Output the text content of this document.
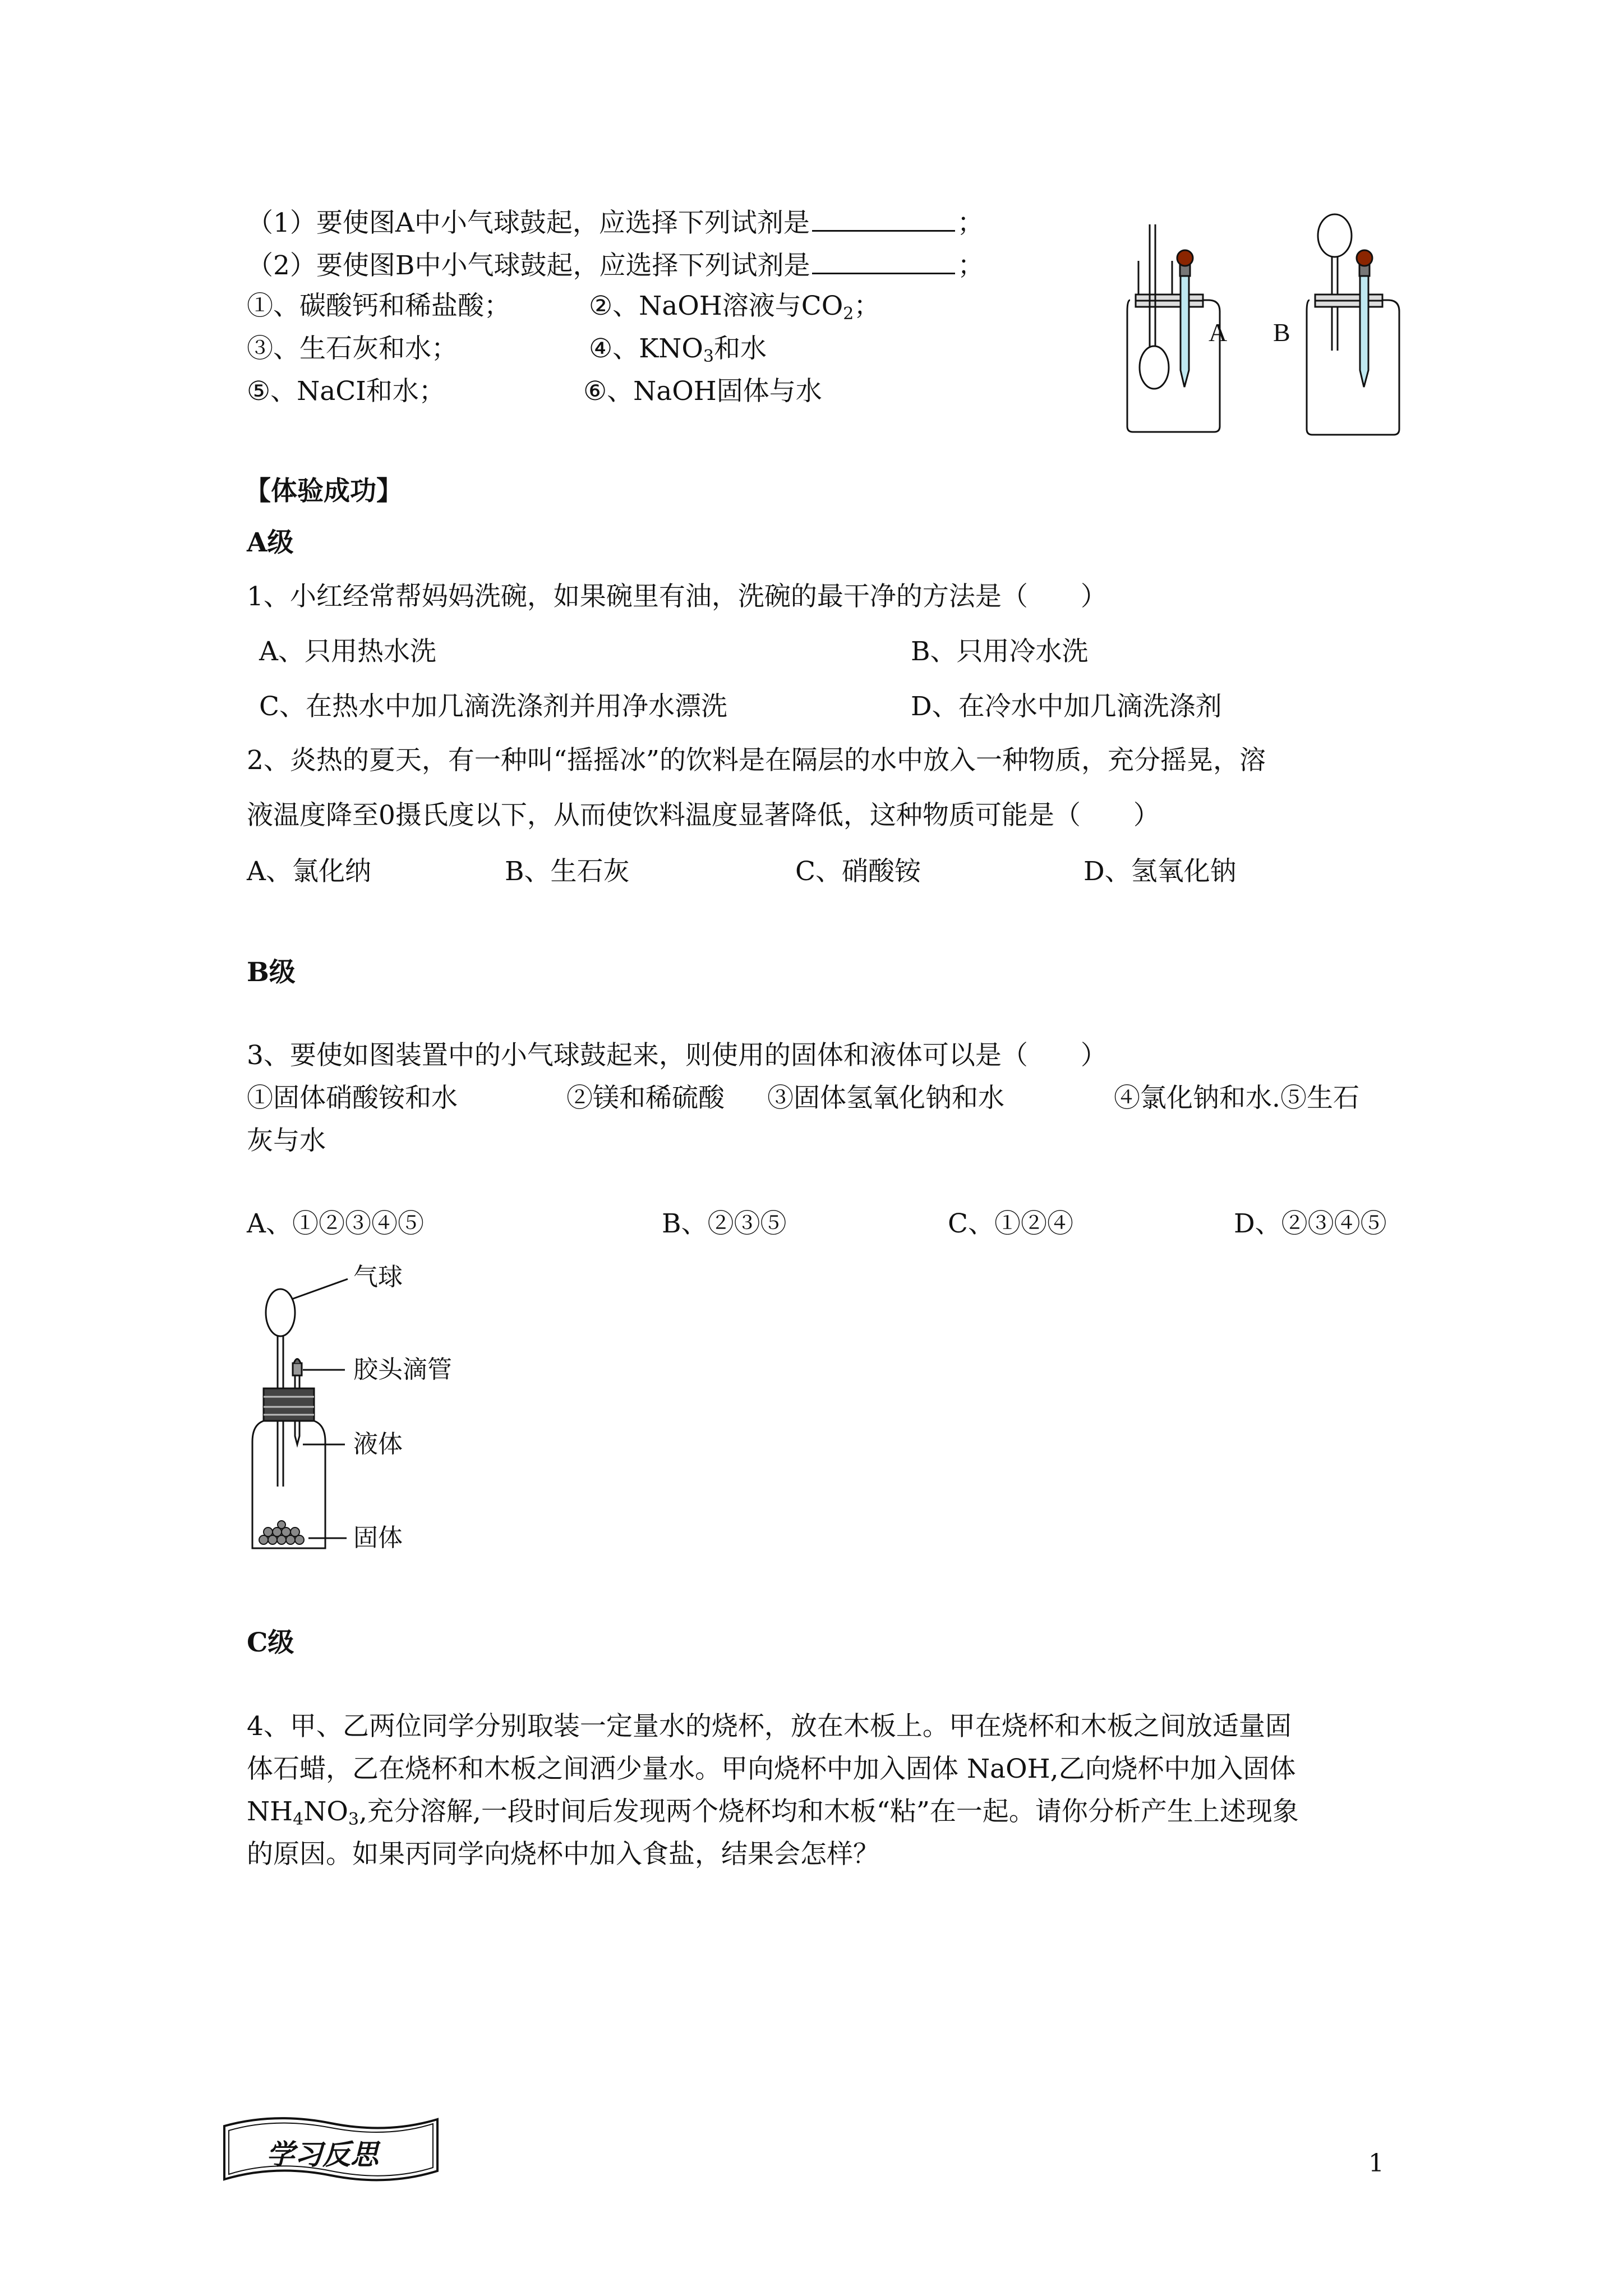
（1）要使图A中小气球鼓起，应选择下列试剂是	；
（2）要使图B中小气球鼓起，应选择下列试剂是	；
①、碳酸钙和稀盐酸；	②、NaOH溶液与$CO_2$；
③、生石灰和水；	④、$KNO_3$和水
⑤、NaCI和水；	⑥、NaOH固体与水
A B
【体验成功】
A级
1、小红经常帮妈妈洗碗，如果碗里有油，洗碗的最干净的方法是（　　）
A、只用热水洗	B、只用冷水洗
C、在热水中加几滴洗涤剂并用净水漂洗	D、在冷水中加几滴洗涤剂
2、炎热的夏天，有一种叫“摇摇冰”的饮料是在隔层的水中放入一种物质，充分摇晃，溶
液温度降至0摄氏度以下，从而使饮料温度显著降低，这种物质可能是（　　）
A、氯化纳	B、生石灰	C、硝酸铵	D、氢氧化钠
B级
3、要使如图装置中的小气球鼓起来，则使用的固体和液体可以是（　　）
①固体硝酸铵和水	②镁和稀硫酸 ③固体氢氧化钠和水	④氯化钠和水.⑤生石
灰与水
A、①②③④⑤	B、②③⑤	C、①②④	D、②③④⑤
气球
胶头滴管
液体
固体
C级
4、甲、乙两位同学分别取装一定量水的烧杯，放在木板上。甲在烧杯和木板之间放适量固
体石蜡，乙在烧杯和木板之间洒少量水。甲向烧杯中加入固体 NaOH,乙向烧杯中加入固体
$NH_4NO_3$,充分溶解,一段时间后发现两个烧杯均和木板“粘”在一起。请你分析产生上述现象
的原因。如果丙同学向烧杯中加入食盐，结果会怎样？
学习反思	1
